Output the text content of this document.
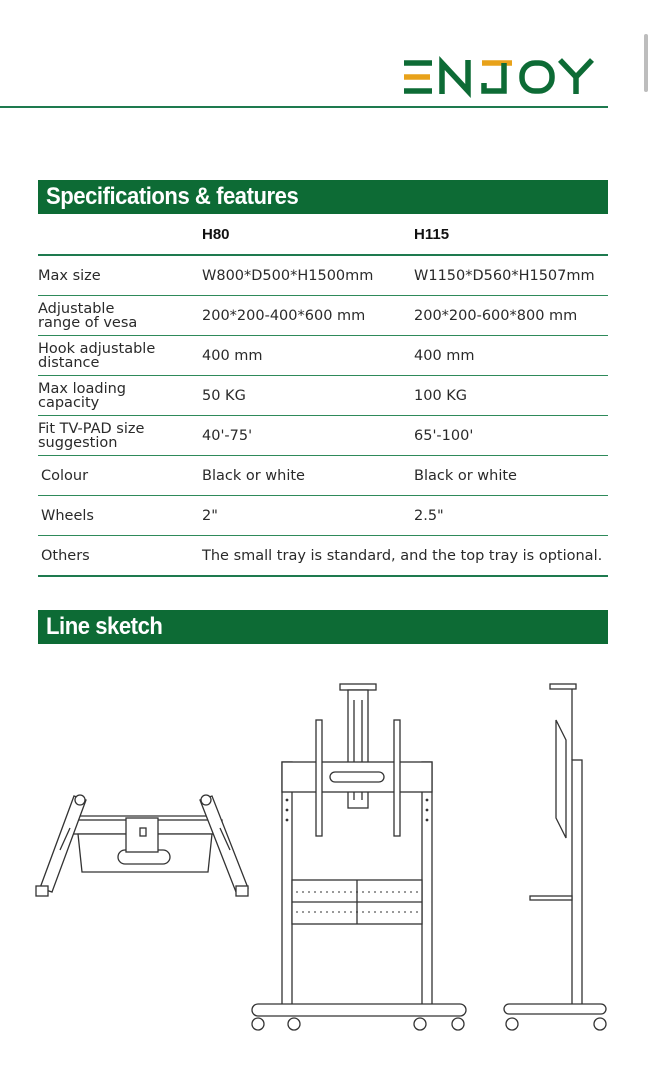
Specifications & features
	H80	H115
Max size	W800*D500*H1500mm	W1150*D560*H1507mm
Adjustable
range of vesa	200*200-400*600 mm	200*200-600*800 mm
Hook adjustable
distance	400 mm	400 mm
Max loading
capacity	50 KG	100 KG
Fit TV-PAD size
suggestion	40'-75'	65'-100'
Colour	Black or white	Black or white
Wheels	2"	2.5"
Others	The small tray is standard, and the top tray is optional.	
Line sketch
